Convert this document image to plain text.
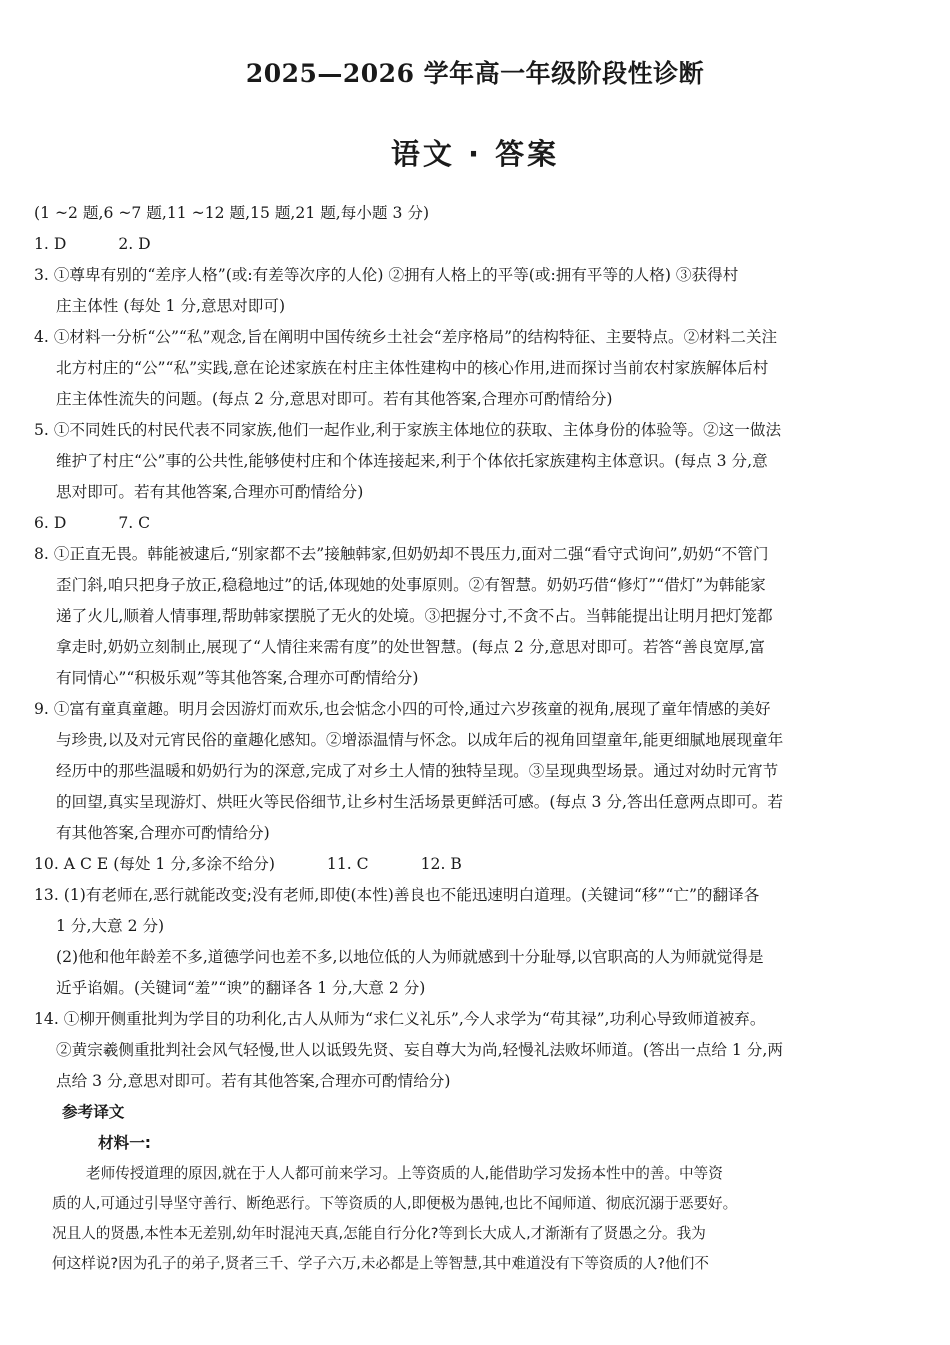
2025—2026 学年高一年级阶段性诊断
语文 · 答案
(1 ~2 题,6 ~7 题,11 ~12 题,15 题,21 题,每小题 3 分)
1. D	2. D
3. ①尊卑有别的“差序人格”(或:有差等次序的人伦) ②拥有人格上的平等(或:拥有平等的人格) ③获得村
庄主体性 (每处 1 分,意思对即可)
4. ①材料一分析“公”“私”观念,旨在阐明中国传统乡土社会“差序格局”的结构特征、主要特点。②材料二关注
北方村庄的“公”“私”实践,意在论述家族在村庄主体性建构中的核心作用,进而探讨当前农村家族解体后村
庄主体性流失的问题。(每点 2 分,意思对即可。若有其他答案,合理亦可酌情给分)
5. ①不同姓氏的村民代表不同家族,他们一起作业,利于家族主体地位的获取、主体身份的体验等。②这一做法
维护了村庄“公”事的公共性,能够使村庄和个体连接起来,利于个体依托家族建构主体意识。(每点 3 分,意
思对即可。若有其他答案,合理亦可酌情给分)
6. D	7. C
8. ①正直无畏。韩能被逮后,“别家都不去”接触韩家,但奶奶却不畏压力,面对二强“看守式询问”,奶奶“不管门
歪门斜,咱只把身子放正,稳稳地过”的话,体现她的处事原则。②有智慧。奶奶巧借“修灯”“借灯”为韩能家
递了火儿,顺着人情事理,帮助韩家摆脱了无火的处境。③把握分寸,不贪不占。当韩能提出让明月把灯笼都
拿走时,奶奶立刻制止,展现了“人情往来需有度”的处世智慧。(每点 2 分,意思对即可。若答“善良宽厚,富
有同情心”“积极乐观”等其他答案,合理亦可酌情给分)
9. ①富有童真童趣。明月会因游灯而欢乐,也会惦念小四的可怜,通过六岁孩童的视角,展现了童年情感的美好
与珍贵,以及对元宵民俗的童趣化感知。②增添温情与怀念。以成年后的视角回望童年,能更细腻地展现童年
经历中的那些温暖和奶奶行为的深意,完成了对乡土人情的独特呈现。③呈现典型场景。通过对幼时元宵节
的回望,真实呈现游灯、烘旺火等民俗细节,让乡村生活场景更鲜活可感。(每点 3 分,答出任意两点即可。若
有其他答案,合理亦可酌情给分)
10. A C E (每处 1 分,多涂不给分)	11. C	12. B
13. (1)有老师在,恶行就能改变;没有老师,即使(本性)善良也不能迅速明白道理。(关键词“移”“亡”的翻译各
1 分,大意 2 分)
(2)他和他年龄差不多,道德学问也差不多,以地位低的人为师就感到十分耻辱,以官职高的人为师就觉得是
近乎谄媚。(关键词“羞”“谀”的翻译各 1 分,大意 2 分)
14. ①柳开侧重批判为学目的功利化,古人从师为“求仁义礼乐”,今人求学为“苟其禄”,功利心导致师道被弃。
②黄宗羲侧重批判社会风气轻慢,世人以诋毁先贤、妄自尊大为尚,轻慢礼法败坏师道。(答出一点给 1 分,两
点给 3 分,意思对即可。若有其他答案,合理亦可酌情给分)
参考译文
材料一:
老师传授道理的原因,就在于人人都可前来学习。上等资质的人,能借助学习发扬本性中的善。中等资
质的人,可通过引导坚守善行、断绝恶行。下等资质的人,即便极为愚钝,也比不闻师道、彻底沉溺于恶要好。
况且人的贤愚,本性本无差别,幼年时混沌天真,怎能自行分化?等到长大成人,才渐渐有了贤愚之分。我为
何这样说?因为孔子的弟子,贤者三千、学子六万,未必都是上等智慧,其中难道没有下等资质的人?他们不
